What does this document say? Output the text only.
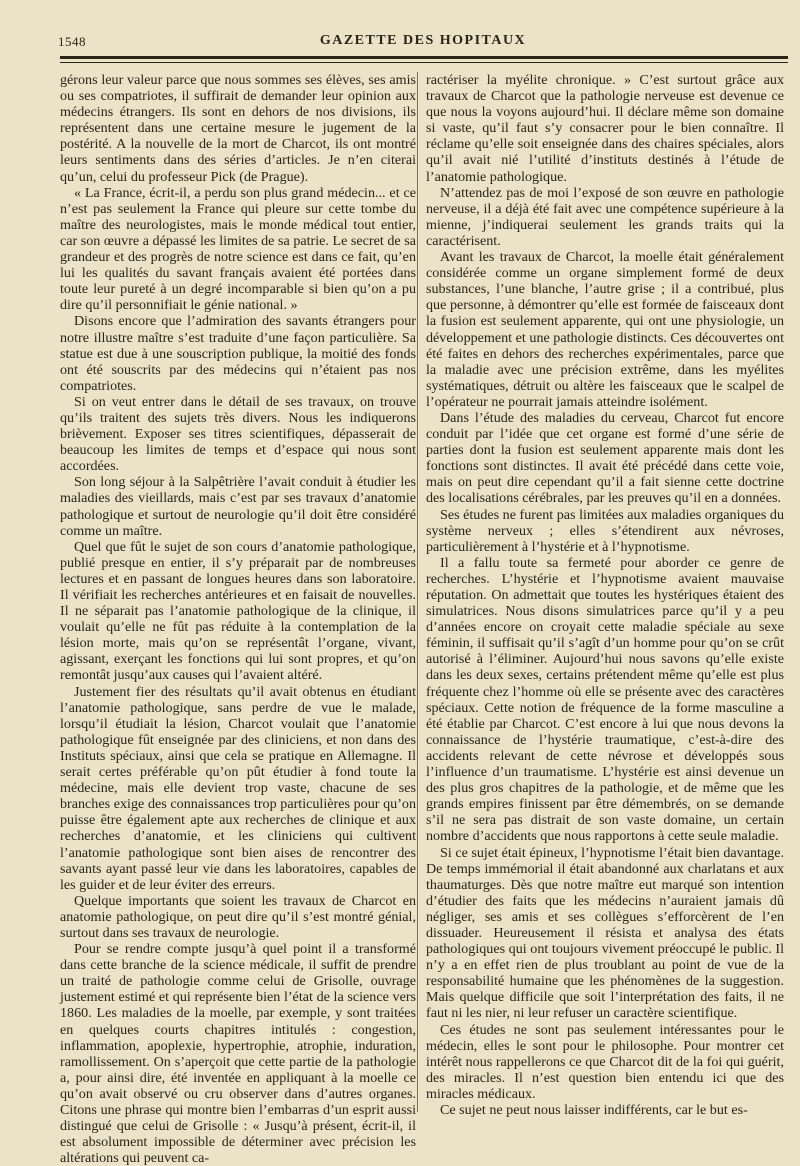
1548	GAZETTE DES HOPITAUX

gérons leur valeur parce que nous sommes ses élèves, ses amis ou ses compatriotes, il suffirait de demander leur opinion aux médecins étrangers. Ils sont en dehors de nos divisions, ils représentent dans une certaine mesure le jugement de la postérité. A la nouvelle de la mort de Charcot, ils ont montré leurs sentiments dans des séries d’articles. Je n’en citerai qu’un, celui du professeur Pick (de Prague).

« La France, écrit-il, a perdu son plus grand médecin... et ce n’est pas seulement la France qui pleure sur cette tombe du maître des neurologistes, mais le monde médical tout entier, car son œuvre a dépassé les limites de sa patrie. Le secret de sa grandeur et des progrès de notre science est dans ce fait, qu’en lui les qualités du savant français avaient été portées dans toute leur pureté à un degré incomparable si bien qu’on a pu dire qu’il personnifiait le génie national. »

Disons encore que l’admiration des savants étrangers pour notre illustre maître s’est traduite d’une façon particulière. Sa statue est due à une souscription publique, la moitié des fonds ont été souscrits par des médecins qui n’étaient pas nos compatriotes.

Si on veut entrer dans le détail de ses travaux, on trouve qu’ils traitent des sujets très divers. Nous les indiquerons brièvement. Exposer ses titres scientifiques, dépasserait de beaucoup les limites de temps et d’espace qui nous sont accordées.

Son long séjour à la Salpêtrière l’avait conduit à étudier les maladies des vieillards, mais c’est par ses travaux d’anatomie pathologique et surtout de neurologie qu’il doit être considéré comme un maître.

Quel que fût le sujet de son cours d’anatomie pathologique, publié presque en entier, il s’y préparait par de nombreuses lectures et en passant de longues heures dans son laboratoire. Il vérifiait les recherches antérieures et en faisait de nouvelles. Il ne séparait pas l’anatomie pathologique de la clinique, il voulait qu’elle ne fût pas réduite à la contemplation de la lésion morte, mais qu’on se représentât l’organe, vivant, agissant, exerçant les fonctions qui lui sont propres, et qu’on remontât jusqu’aux causes qui l’avaient altéré.

Justement fier des résultats qu’il avait obtenus en étudiant l’anatomie pathologique, sans perdre de vue le malade, lorsqu’il étudiait la lésion, Charcot voulait que l’anatomie pathologique fût enseignée par des cliniciens, et non dans des Instituts spéciaux, ainsi que cela se pratique en Allemagne. Il serait certes préférable qu’on pût étudier à fond toute la médecine, mais elle devient trop vaste, chacune de ses branches exige des connaissances trop particulières pour qu’on puisse être également apte aux recherches de clinique et aux recherches d’anatomie, et les cliniciens qui cultivent l’anatomie pathologique sont bien aises de rencontrer des savants ayant passé leur vie dans les laboratoires, capables de les guider et de leur éviter des erreurs.

Quelque importants que soient les travaux de Charcot en anatomie pathologique, on peut dire qu’il s’est montré génial, surtout dans ses travaux de neurologie.

Pour se rendre compte jusqu’à quel point il a transformé dans cette branche de la science médicale, il suffit de prendre un traité de pathologie comme celui de Grisolle, ouvrage justement estimé et qui représente bien l’état de la science vers 1860. Les maladies de la moelle, par exemple, y sont traitées en quelques courts chapitres intitulés : congestion, inflammation, apoplexie, hypertrophie, atrophie, induration, ramollissement. On s’aperçoit que cette partie de la pathologie a, pour ainsi dire, été inventée en appliquant à la moelle ce qu’on avait observé ou cru observer dans d’autres organes. Citons une phrase qui montre bien l’embarras d’un esprit aussi distingué que celui de Grisolle : « Jusqu’à présent, écrit-il, il est absolument impossible de déterminer avec précision les altérations qui peuvent ca-

ractériser la myélite chronique. » C’est surtout grâce aux travaux de Charcot que la pathologie nerveuse est devenue ce que nous la voyons aujourd’hui. Il déclare même son domaine si vaste, qu’il faut s’y consacrer pour le bien connaître. Il réclame qu’elle soit enseignée dans des chaires spéciales, alors qu’il avait nié l’utilité d’instituts destinés à l’étude de l’anatomie pathologique.

N’attendez pas de moi l’exposé de son œuvre en pathologie nerveuse, il a déjà été fait avec une compétence supérieure à la mienne, j’indiquerai seulement les grands traits qui la caractérisent.

Avant les travaux de Charcot, la moelle était généralement considérée comme un organe simplement formé de deux substances, l’une blanche, l’autre grise ; il a contribué, plus que personne, à démontrer qu’elle est formée de faisceaux dont la fusion est seulement apparente, qui ont une physiologie, un développement et une pathologie distincts. Ces découvertes ont été faites en dehors des recherches expérimentales, parce que la maladie avec une précision extrême, dans les myélites systématiques, détruit ou altère les faisceaux que le scalpel de l’opérateur ne pourrait jamais atteindre isolément.

Dans l’étude des maladies du cerveau, Charcot fut encore conduit par l’idée que cet organe est formé d’une série de parties dont la fusion est seulement apparente mais dont les fonctions sont distinctes. Il avait été précédé dans cette voie, mais on peut dire cependant qu’il a fait sienne cette doctrine des localisations cérébrales, par les preuves qu’il en a données.

Ses études ne furent pas limitées aux maladies organiques du système nerveux ; elles s’étendirent aux névroses, particulièrement à l’hystérie et à l’hypnotisme.

Il a fallu toute sa fermeté pour aborder ce genre de recherches. L’hystérie et l’hypnotisme avaient mauvaise réputation. On admettait que toutes les hystériques étaient des simulatrices. Nous disons simulatrices parce qu’il y a peu d’années encore on croyait cette maladie spéciale au sexe féminin, il suffisait qu’il s’agît d’un homme pour qu’on se crût autorisé à l’éliminer. Aujourd’hui nous savons qu’elle existe dans les deux sexes, certains prétendent même qu’elle est plus fréquente chez l’homme où elle se présente avec des caractères spéciaux. Cette notion de fréquence de la forme masculine a été établie par Charcot. C’est encore à lui que nous devons la connaissance de l’hystérie traumatique, c’est-à-dire des accidents relevant de cette névrose et développés sous l’influence d’un traumatisme. L’hystérie est ainsi devenue un des plus gros chapitres de la pathologie, et de même que les grands empires finissent par être démembrés, on se demande s’il ne sera pas distrait de son vaste domaine, un certain nombre d’accidents que nous rapportons à cette seule maladie.

Si ce sujet était épineux, l’hypnotisme l’était bien davantage. De temps immémorial il était abandonné aux charlatans et aux thaumaturges. Dès que notre maître eut marqué son intention d’étudier des faits que les médecins n’auraient jamais dû négliger, ses amis et ses collègues s’efforcèrent de l’en dissuader. Heureusement il résista et analysa des états pathologiques qui ont toujours vivement préoccupé le public. Il n’y a en effet rien de plus troublant au point de vue de la responsabilité humaine que les phénomènes de la suggestion. Mais quelque difficile que soit l’interprétation des faits, il ne faut ni les nier, ni leur refuser un caractère scientifique.

Ces études ne sont pas seulement intéressantes pour le médecin, elles le sont pour le philosophe. Pour montrer cet intérêt nous rappellerons ce que Charcot dit de la foi qui guérit, des miracles. Il n’est question bien entendu ici que des miracles médicaux.

Ce sujet ne peut nous laisser indifférents, car le but es-
